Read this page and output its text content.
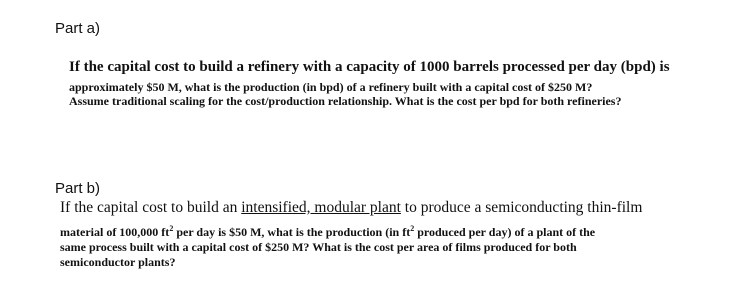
Part a)
If the capital cost to build a refinery with a capacity of 1000 barrels processed per day (bpd) is
approximately $50 M, what is the production (in bpd) of a refinery built with a capital cost of $250 M?
Assume traditional scaling for the cost/production relationship. What is the cost per bpd for both refineries?
Part b)
If the capital cost to build an intensified, modular plant to produce a semiconducting thin-film
material of 100,000 $ft^2$ per day is $50 M, what is the production (in $ft^2$ produced per day) of a plant of the
same process built with a capital cost of $250 M? What is the cost per area of films produced for both
semiconductor plants?
